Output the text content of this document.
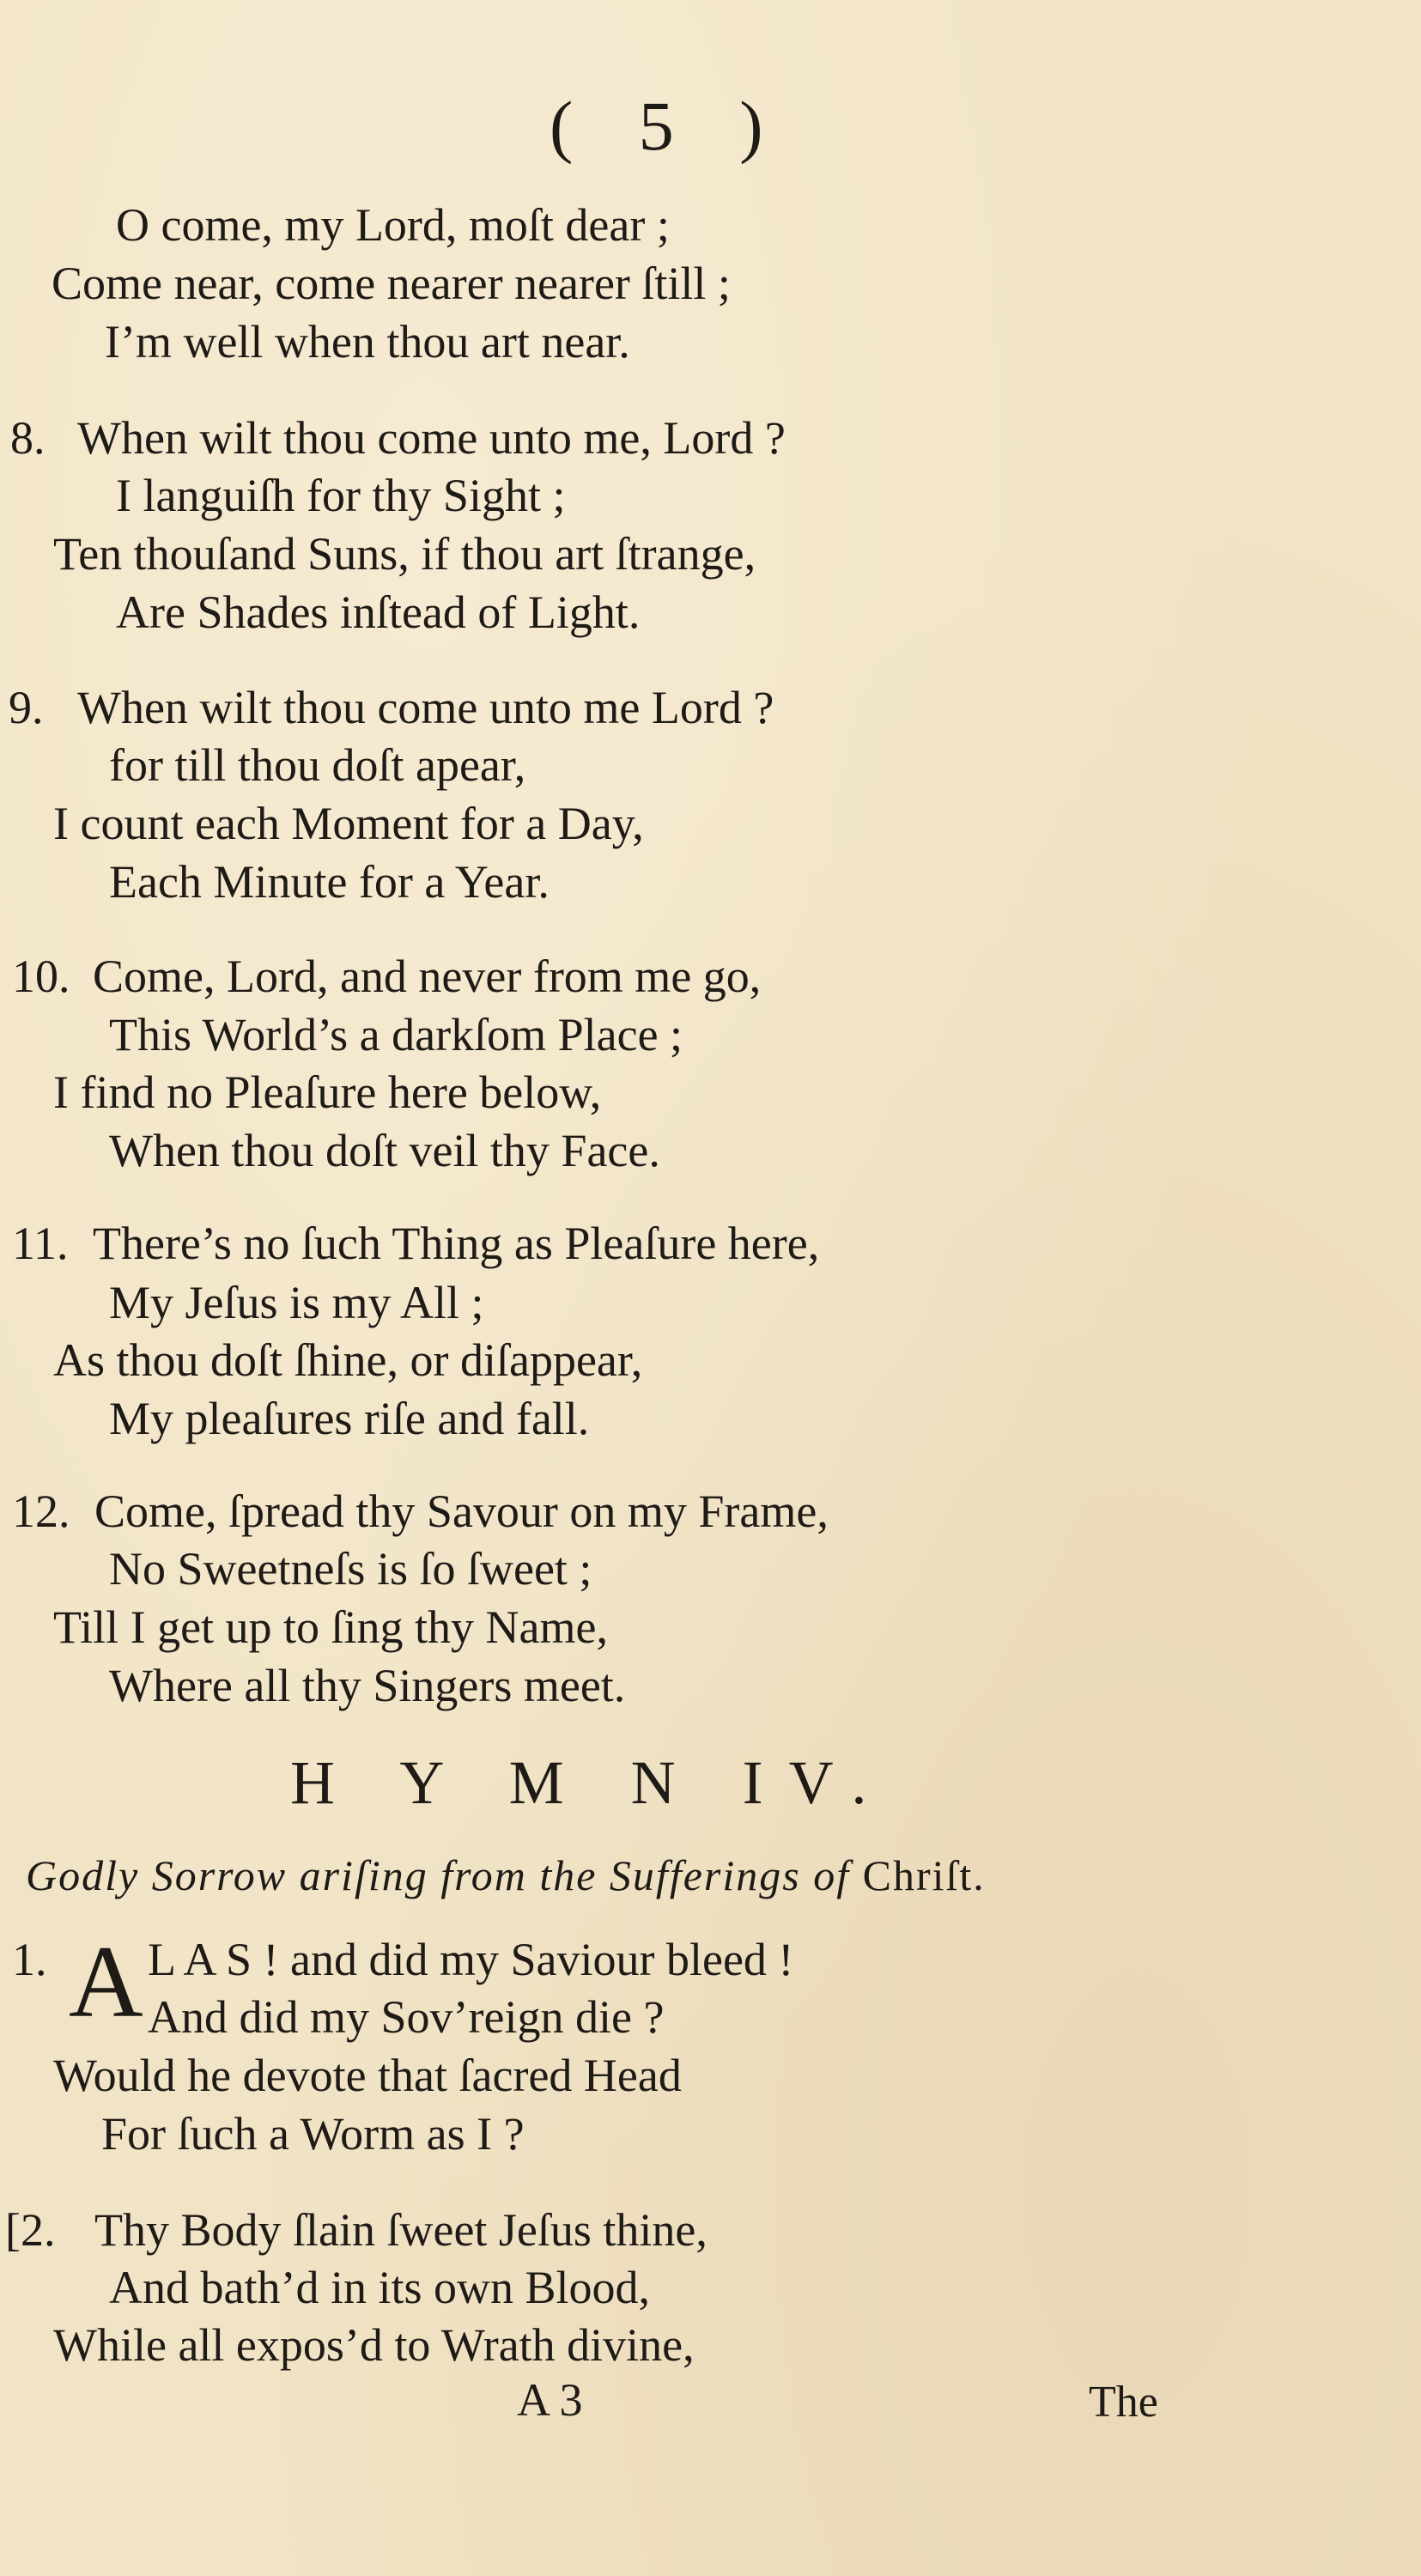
( 5 )
O come, my Lord, moſt dear ;
Come near, come nearer nearer ſtill ;
I’m well when thou art near.
8. When wilt thou come unto me, Lord ?
I languiſh for thy Sight ;
Ten thouſand Suns, if thou art ſtrange,
Are Shades inſtead of Light.
9. When wilt thou come unto me Lord ?
for till thou doſt apear,
I count each Moment for a Day,
Each Minute for a Year.
10. Come, Lord, and never from me go,
This World’s a darkſom Place ;
I find no Pleaſure here below,
When thou doſt veil thy Face.
11. There’s no ſuch Thing as Pleaſure here,
My Jeſus is my All ;
As thou doſt ſhine, or diſappear,
My pleaſures riſe and fall.
12. Come, ſpread thy Savour on my Frame,
No Sweetneſs is ſo ſweet ;
Till I get up to ſing thy Name,
Where all thy Singers meet.
H Y M N IV.
Godly Sorrow ariſing from the Sufferings of Chriſt.
1. A L A S ! and did my Saviour bleed !
And did my Sov’reign die ?
Would he devote that ſacred Head
For ſuch a Worm as I ?
[2. Thy Body ſlain ſweet Jeſus thine,
And bath’d in its own Blood,
While all expos’d to Wrath divine,
A 3	The
